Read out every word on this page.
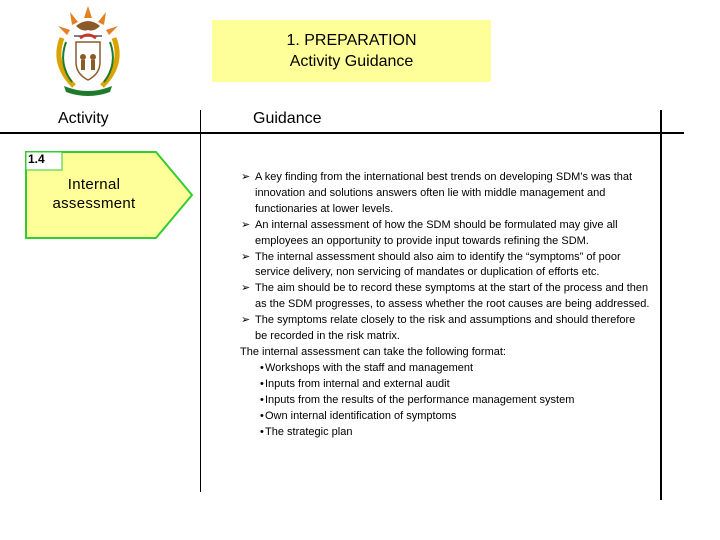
1. PREPARATION
Activity Guidance
Activity	Guidance
1.4
Internal
assessment
➢ A key finding from the international best trends on developing SDM’s was that innovation and solutions answers often lie with middle management and functionaries at lower levels.
➢ An internal assessment of how the SDM should be formulated may give all employees an opportunity to provide input towards refining the SDM.
➢ The internal assessment should also aim to identify the “symptoms” of poor service delivery, non servicing of mandates or duplication of efforts etc.
➢ The aim should be to record these symptoms at the start of the process and then as the SDM progresses, to assess whether the root causes are being addressed.
➢ The symptoms relate closely to the risk and assumptions and should therefore be recorded in the risk matrix.

The internal assessment can take the following format:

• Workshops with the staff and management
• Inputs from internal and external audit
• Inputs from the results of the performance management system
• Own internal identification of symptoms
• The strategic plan
